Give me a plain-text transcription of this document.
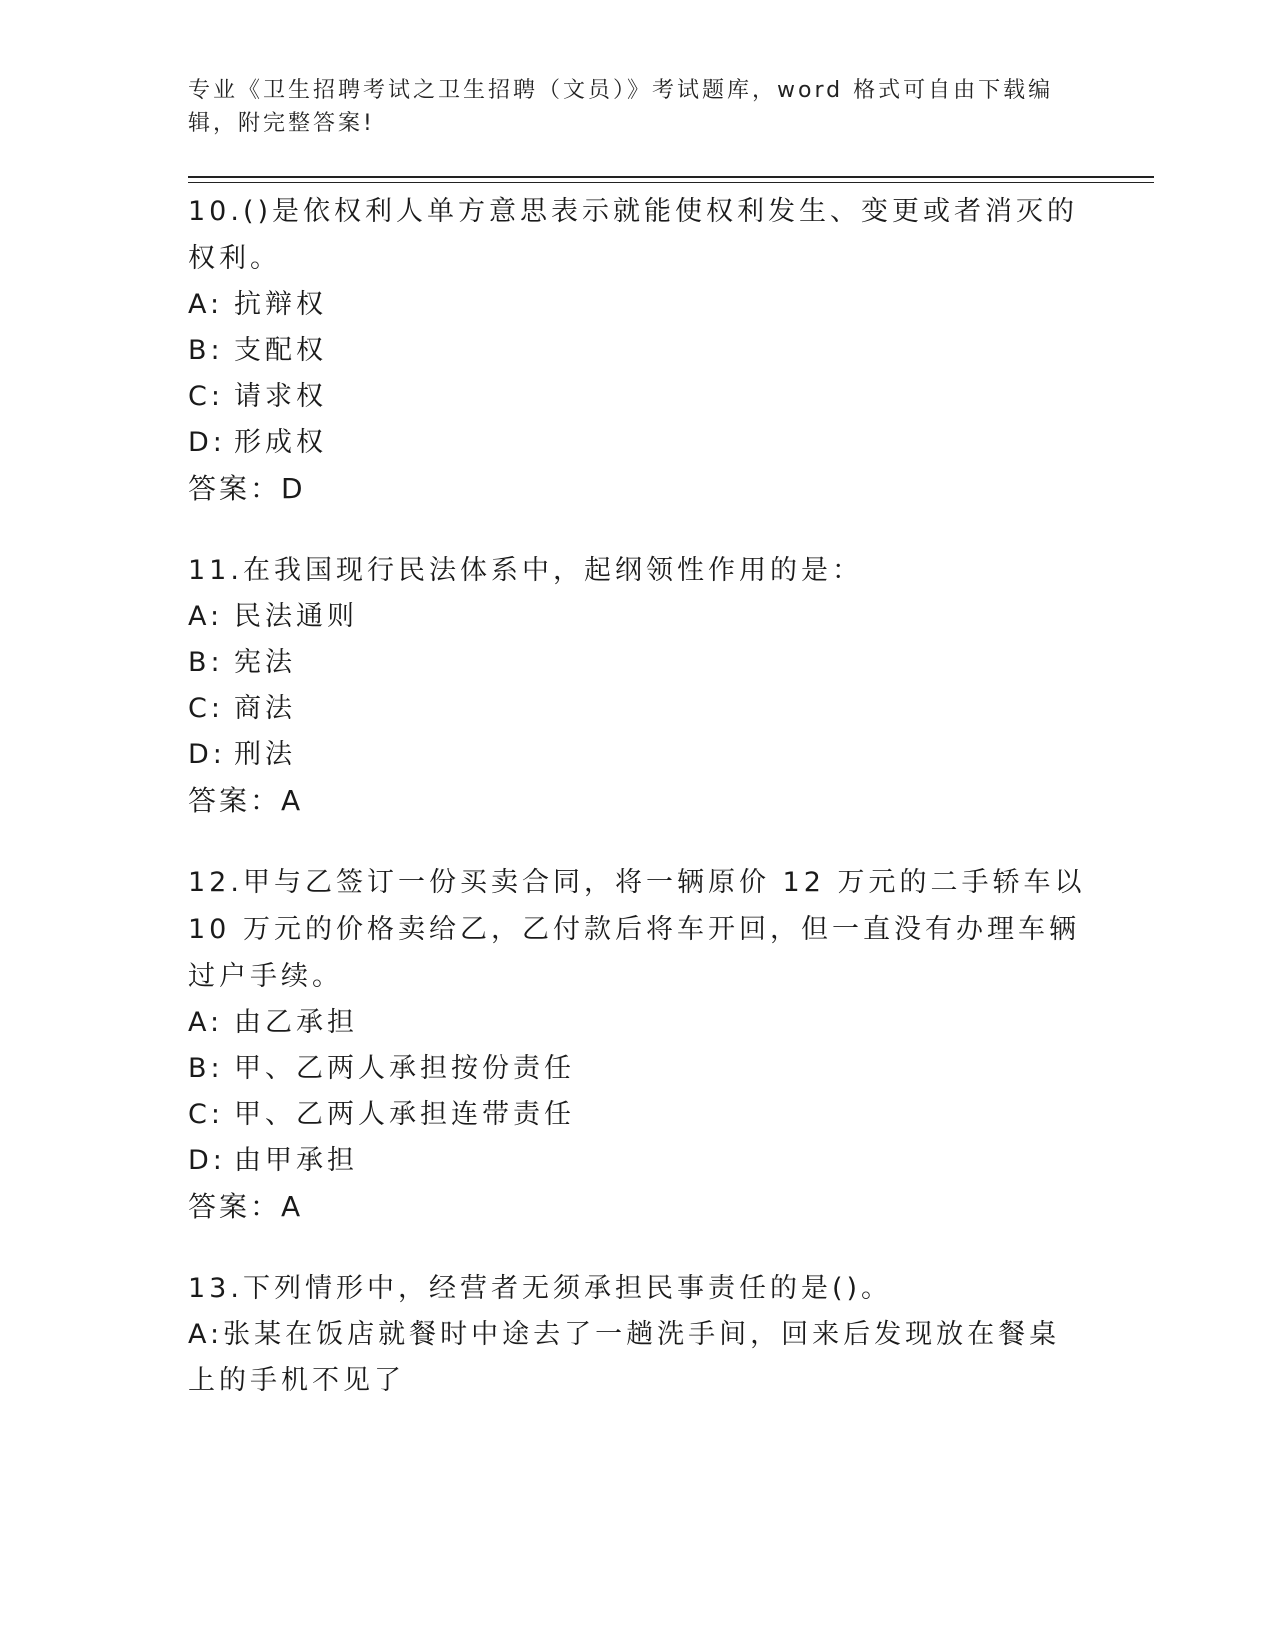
专业《卫生招聘考试之卫生招聘（文员）》考试题库，word 格式可自由下载编辑，附完整答案!
10.()是依权利人单方意思表示就能使权利发生、变更或者消灭的权利。
A: 抗辩权
B: 支配权
C: 请求权
D: 形成权
答案：D
11.在我国现行民法体系中，起纲领性作用的是：
A: 民法通则
B: 宪法
C: 商法
D: 刑法
答案：A
12.甲与乙签订一份买卖合同，将一辆原价 12 万元的二手轿车以 10 万元的价格卖给乙，乙付款后将车开回，但一直没有办理车辆过户手续。
A: 由乙承担
B: 甲、乙两人承担按份责任
C: 甲、乙两人承担连带责任
D: 由甲承担
答案：A
13.下列情形中，经营者无须承担民事责任的是()。
A:张某在饭店就餐时中途去了一趟洗手间，回来后发现放在餐桌上的手机不见了
